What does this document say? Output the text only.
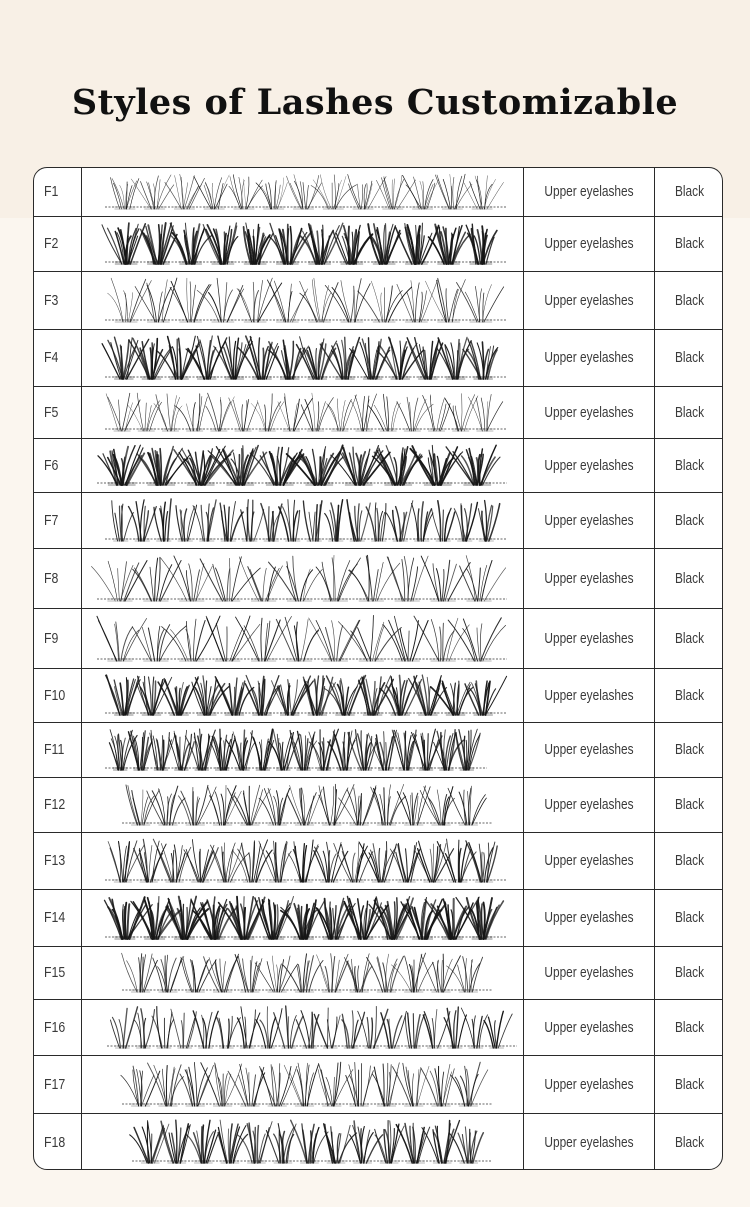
Styles of Lashes Customizable
F1	Upper eyelashes	Black
F2	Upper eyelashes	Black
F3	Upper eyelashes	Black
F4	Upper eyelashes	Black
F5	Upper eyelashes	Black
F6	Upper eyelashes	Black
F7	Upper eyelashes	Black
F8	Upper eyelashes	Black
F9	Upper eyelashes	Black
F10	Upper eyelashes	Black
F11	Upper eyelashes	Black
F12	Upper eyelashes	Black
F13	Upper eyelashes	Black
F14	Upper eyelashes	Black
F15	Upper eyelashes	Black
F16	Upper eyelashes	Black
F17	Upper eyelashes	Black
F18	Upper eyelashes	Black
